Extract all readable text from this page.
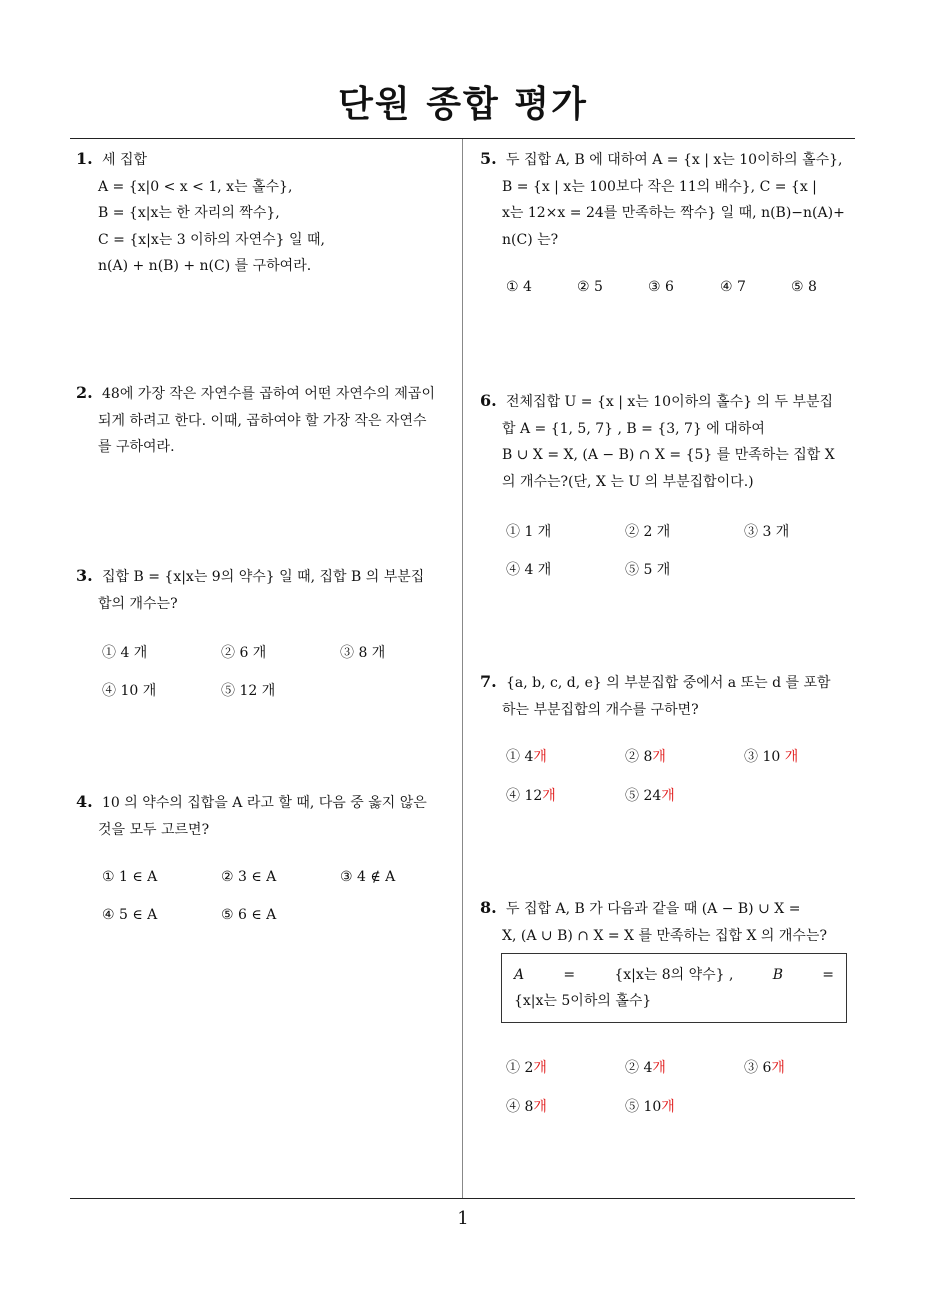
단원 종합 평가
1
1. 세 집합
A = {x|0 < x < 1, x는 홀수},
B = {x|x는 한 자리의 짝수},
C = {x|x는 3 이하의 자연수} 일 때,
n(A) + n(B) + n(C) 를 구하여라.
2. 48에 가장 작은 자연수를 곱하여 어떤 자연수의 제곱이
되게 하려고 한다. 이때, 곱하여야 할 가장 작은 자연수
를 구하여라.
3. 집합 B = {x|x는 9의 약수} 일 때, 집합 B 의 부분집
합의 개수는?
① 4 개	② 6 개	③ 8 개
④ 10 개	⑤ 12 개
4. 10 의 약수의 집합을 A 라고 할 때, 다음 중 옳지 않은
것을 모두 고르면?
① 1 ∈ A	② 3 ∈ A	③ 4 ∉ A
④ 5 ∈ A	⑤ 6 ∈ A
5. 두 집합 A, B 에 대하여 A = {x | x는 10이하의 홀수},
B = {x | x는 100보다 작은 11의 배수}, C = {x |
x는 12×x = 24를 만족하는 짝수} 일 때, n(B)−n(A)+
n(C) 는?
① 4	② 5	③ 6	④ 7	⑤ 8
6. 전체집합 U = {x | x는 10이하의 홀수} 의 두 부분집
합 A = {1, 5, 7} , B = {3, 7} 에 대하여
B ∪ X = X, (A − B) ∩ X = {5} 를 만족하는 집합 X
의 개수는?(단, X 는 U 의 부분집합이다.)
① 1 개	② 2 개	③ 3 개
④ 4 개	⑤ 5 개
7. {a, b, c, d, e} 의 부분집합 중에서 a 또는 d 를 포함
하는 부분집합의 개수를 구하면?
① 4개	② 8개	③ 10 개
④ 12개	⑤ 24개
8. 두 집합 A, B 가 다음과 같을 때 (A − B) ∪ X =
X, (A ∪ B) ∩ X = X 를 만족하는 집합 X 의 개수는?
A	=	{x|x는 8의 약수} ,	B	=
{x|x는 5이하의 홀수}
① 2개	② 4개	③ 6개
④ 8개	⑤ 10개
